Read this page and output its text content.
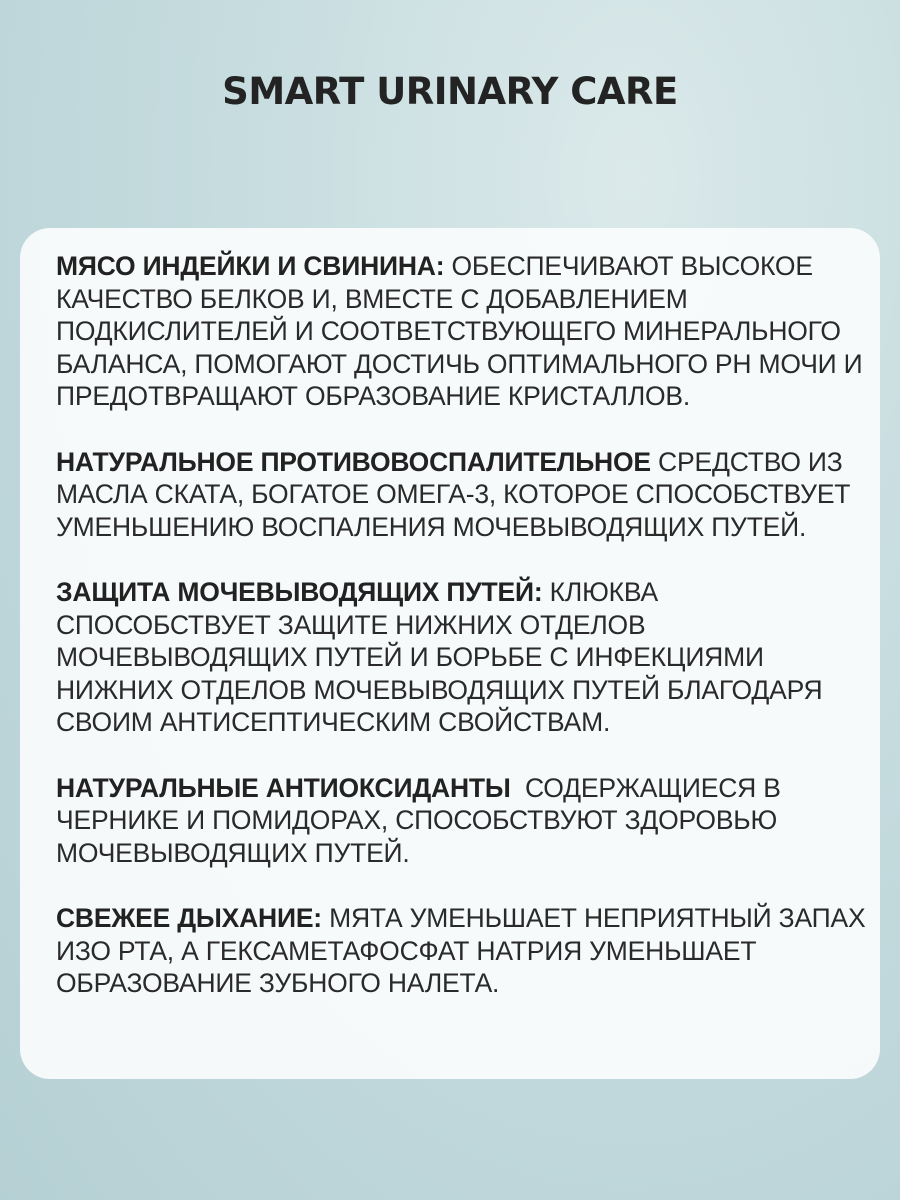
SMART URINARY CARE

МЯСО ИНДЕЙКИ И СВИНИНА: ОБЕСПЕЧИВАЮТ ВЫСОКОЕ КАЧЕСТВО БЕЛКОВ И, ВМЕСТЕ С ДОБАВЛЕНИЕМ ПОДКИСЛИТЕЛЕЙ И СООТВЕТСТВУЮЩЕГО МИНЕРАЛЬНОГО БАЛАНСА, ПОМОГАЮТ ДОСТИЧЬ ОПТИМАЛЬНОГО PH МОЧИ И ПРЕДОТВРАЩАЮТ ОБРАЗОВАНИЕ КРИСТАЛЛОВ.

НАТУРАЛЬНОЕ ПРОТИВОВОСПАЛИТЕЛЬНОЕ СРЕДСТВО ИЗ МАСЛА СКАТА, БОГАТОЕ ОМЕГА-3, КОТОРОЕ СПОСОБСТВУЕТ УМЕНЬШЕНИЮ ВОСПАЛЕНИЯ МОЧЕВЫВОДЯЩИХ ПУТЕЙ.

ЗАЩИТА МОЧЕВЫВОДЯЩИХ ПУТЕЙ: КЛЮКВА СПОСОБСТВУЕТ ЗАЩИТЕ НИЖНИХ ОТДЕЛОВ МОЧЕВЫВОДЯЩИХ ПУТЕЙ И БОРЬБЕ С ИНФЕКЦИЯМИ НИЖНИХ ОТДЕЛОВ МОЧЕВЫВОДЯЩИХ ПУТЕЙ БЛАГОДАРЯ СВОИМ АНТИСЕПТИЧЕСКИМ СВОЙСТВАМ.

НАТУРАЛЬНЫЕ АНТИОКСИДАНТЫ  СОДЕРЖАЩИЕСЯ В ЧЕРНИКЕ И ПОМИДОРАХ, СПОСОБСТВУЮТ ЗДОРОВЬЮ МОЧЕВЫВОДЯЩИХ ПУТЕЙ.

СВЕЖЕЕ ДЫХАНИЕ: МЯТА УМЕНЬШАЕТ НЕПРИЯТНЫЙ ЗАПАХ ИЗО РТА, А ГЕКСАМЕТАФОСФАТ НАТРИЯ УМЕНЬШАЕТ ОБРАЗОВАНИЕ ЗУБНОГО НАЛЕТА.
